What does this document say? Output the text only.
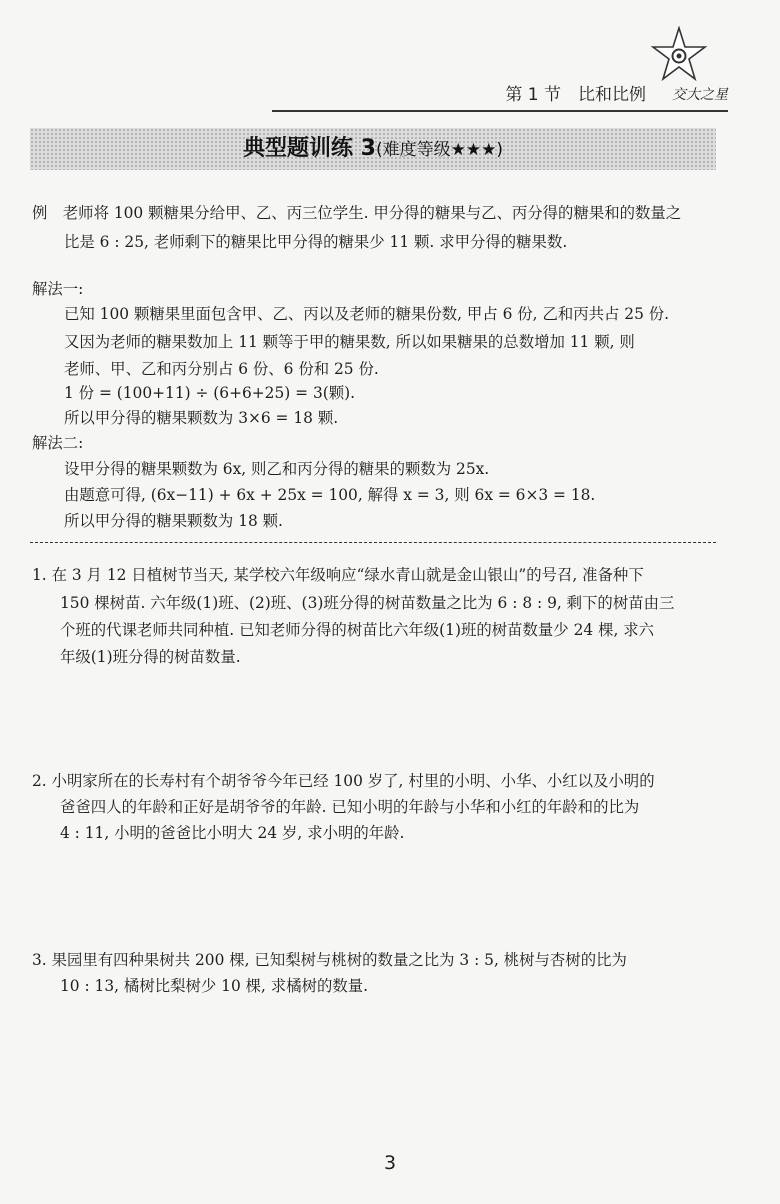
第 1 节　比和比例 交大之星
典型题训练 3(难度等级★★★)
例　老师将 100 颗糖果分给甲、乙、丙三位学生. 甲分得的糖果与乙、丙分得的糖果和的数量之
比是 6 : 25, 老师剩下的糖果比甲分得的糖果少 11 颗. 求甲分得的糖果数.
解法一:
已知 100 颗糖果里面包含甲、乙、丙以及老师的糖果份数, 甲占 6 份, 乙和丙共占 25 份.
又因为老师的糖果数加上 11 颗等于甲的糖果数, 所以如果糖果的总数增加 11 颗, 则
老师、甲、乙和丙分别占 6 份、6 份和 25 份.
1 份 = (100+11) ÷ (6+6+25) = 3(颗).
所以甲分得的糖果颗数为 3×6 = 18 颗.
解法二:
设甲分得的糖果颗数为 6x, 则乙和丙分得的糖果的颗数为 25x.
由题意可得, (6x−11) + 6x + 25x = 100, 解得 x = 3, 则 6x = 6×3 = 18.
所以甲分得的糖果颗数为 18 颗.
1. 在 3 月 12 日植树节当天, 某学校六年级响应“绿水青山就是金山银山”的号召, 准备种下
150 棵树苗. 六年级(1)班、(2)班、(3)班分得的树苗数量之比为 6 : 8 : 9, 剩下的树苗由三
个班的代课老师共同种植. 已知老师分得的树苗比六年级(1)班的树苗数量少 24 棵, 求六
年级(1)班分得的树苗数量.
2. 小明家所在的长寿村有个胡爷爷今年已经 100 岁了, 村里的小明、小华、小红以及小明的
爸爸四人的年龄和正好是胡爷爷的年龄. 已知小明的年龄与小华和小红的年龄和的比为
4 : 11, 小明的爸爸比小明大 24 岁, 求小明的年龄.
3. 果园里有四种果树共 200 棵, 已知梨树与桃树的数量之比为 3 : 5, 桃树与杏树的比为
10 : 13, 橘树比梨树少 10 棵, 求橘树的数量.
3
